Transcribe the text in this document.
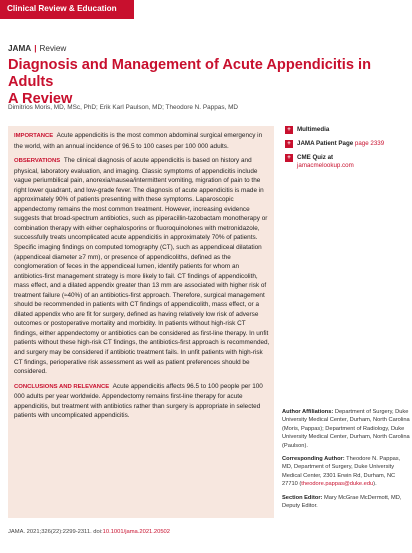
Clinical Review & Education
JAMA | Review
Diagnosis and Management of Acute Appendicitis in Adults
A Review
Dimitrios Moris, MD, MSc, PhD; Erik Karl Paulson, MD; Theodore N. Pappas, MD

IMPORTANCE Acute appendicitis is the most common abdominal surgical emergency in the world, with an annual incidence of 96.5 to 100 cases per 100 000 adults.

OBSERVATIONS The clinical diagnosis of acute appendicitis is based on history and physical, laboratory evaluation, and imaging. Classic symptoms of appendicitis include vague periumbilical pain, anorexia/nausea/intermittent vomiting, migration of pain to the right lower quadrant, and low-grade fever. The diagnosis of acute appendicitis is made in approximately 90% of patients presenting with these symptoms. Laparoscopic appendectomy remains the most common treatment. However, increasing evidence suggests that broad-spectrum antibiotics, such as piperacillin-tazobactam monotherapy or combination therapy with either cephalosporins or fluoroquinolones with metronidazole, successfully treats uncomplicated acute appendicitis in approximately 70% of patients. Specific imaging findings on computed tomography (CT), such as appendiceal dilatation (appendiceal diameter ≥7 mm), or presence of appendicoliths, defined as the conglomeration of feces in the appendiceal lumen, identify patients for whom an antibiotics-first management strategy is more likely to fail. CT findings of appendicolith, mass effect, and a dilated appendix greater than 13 mm are associated with higher risk of treatment failure (≈40%) of an antibiotics-first approach. Therefore, surgical management should be recommended in patients with CT findings of appendicolith, mass effect, or a dilated appendix who are fit for surgery, defined as having relatively low risk of adverse outcomes or postoperative mortality and morbidity. In patients without high-risk CT findings, either appendectomy or antibiotics can be considered as first-line therapy. In unfit patients without these high-risk CT findings, the antibiotics-first approach is recommended, and surgery may be considered if antibiotic treatment fails. In unfit patients with high-risk CT findings, perioperative risk assessment as well as patient preferences should be considered.

CONCLUSIONS AND RELEVANCE Acute appendicitis affects 96.5 to 100 people per 100 000 adults per year worldwide. Appendectomy remains first-line therapy for acute appendicitis, but treatment with antibiotics rather than surgery is appropriate in selected patients with uncomplicated appendicitis.

JAMA. 2021;326(22):2299-2311. doi:10.1001/jama.2021.20502
+	Multimedia
+	JAMA Patient Page page 2339
+	CME Quiz at
jamacmelookup.com

Author Affiliations: Department of Surgery, Duke University Medical Center, Durham, North Carolina (Moris, Pappas); Department of Radiology, Duke University Medical Center, Durham, North Carolina (Paulson).

Corresponding Author: Theodore N. Pappas, MD, Department of Surgery, Duke University Medical Center, 2301 Erwin Rd, Durham, NC 27710 (theodore.pappas@duke.edu).

Section Editor: Mary McGrae McDermott, MD, Deputy Editor.
